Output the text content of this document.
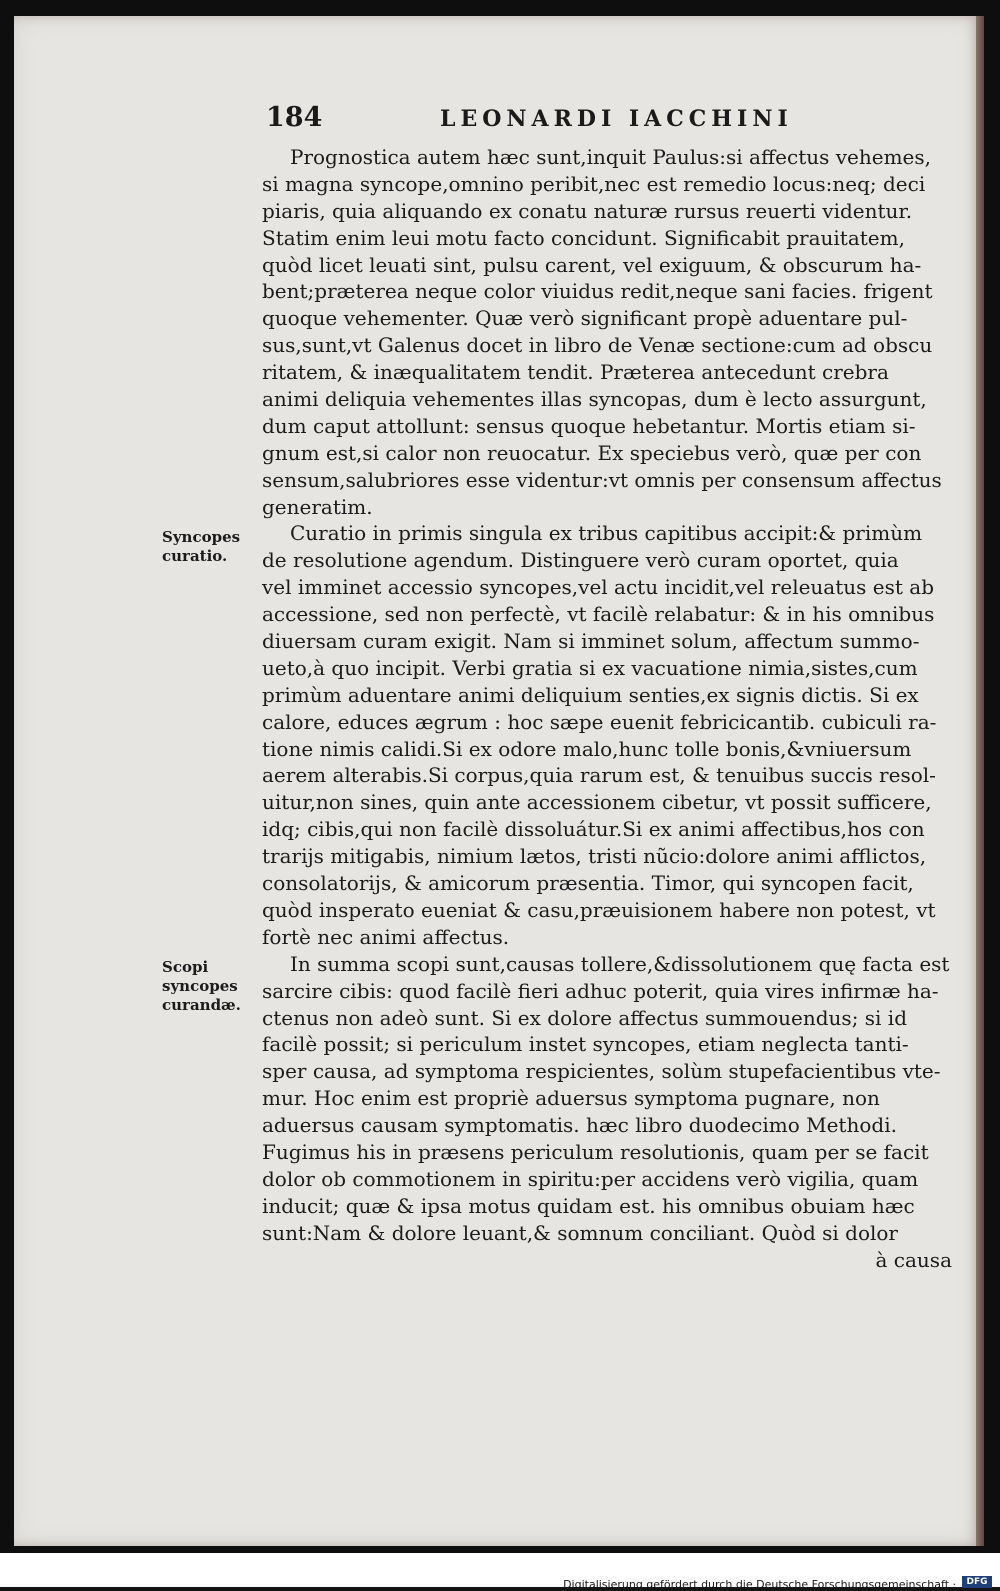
184	LEONARDI IACCHINI
Syncopes curatio.
Scopi syncopes curandæ.
Prognostica autem hæc sunt,inquit Paulus:si affectus vehemes,
si magna syncope,omnino peribit,nec est remedio locus:neq; deci
piaris, quia aliquando ex conatu naturæ rursus reuerti videntur.
Statim enim leui motu facto concidunt. Significabit prauitatem,
quòd licet leuati sint, pulsu carent, vel exiguum, & obscurum ha-
bent;præterea neque color viuidus redit,neque sani facies. frigent
quoque vehementer. Quæ verò significant propè aduentare pul-
sus,sunt,vt Galenus docet in libro de Venæ sectione:cum ad obscu
ritatem, & inæqualitatem tendit. Præterea antecedunt crebra
animi deliquia vehementes illas syncopas, dum è lecto assurgunt,
dum caput attollunt: sensus quoque hebetantur. Mortis etiam si-
gnum est,si calor non reuocatur. Ex speciebus verò, quæ per con
sensum,salubriores esse videntur:vt omnis per consensum affectus
generatim.
Curatio in primis singula ex tribus capitibus accipit:& primùm
de resolutione agendum. Distinguere verò curam oportet, quia
vel imminet accessio syncopes,vel actu incidit,vel releuatus est ab
accessione, sed non perfectè, vt facilè relabatur: & in his omnibus
diuersam curam exigit. Nam si imminet solum, affectum summo-
ueto,à quo incipit. Verbi gratia si ex vacuatione nimia,sistes,cum
primùm aduentare animi deliquium senties,ex signis dictis. Si ex
calore, educes ægrum : hoc sæpe euenit febricicantib. cubiculi ra-
tione nimis calidi.Si ex odore malo,hunc tolle bonis,&vniuersum
aerem alterabis.Si corpus,quia rarum est, & tenuibus succis resol-
uitur,non sines, quin ante accessionem cibetur, vt possit sufficere,
idq; cibis,qui non facilè dissoluátur.Si ex animi affectibus,hos con
trarijs mitigabis, nimium lætos, tristi nũcio:dolore animi afflictos,
consolatorijs, & amicorum præsentia. Timor, qui syncopen facit,
quòd insperato eueniat & casu,præuisionem habere non potest, vt
fortè nec animi affectus.
In summa scopi sunt,causas tollere,&dissolutionem quę facta est
sarcire cibis: quod facilè fieri adhuc poterit, quia vires infirmæ ha-
ctenus non adeò sunt. Si ex dolore affectus summouendus; si id
facilè possit; si periculum instet syncopes, etiam neglecta tanti-
sper causa, ad symptoma respicientes, solùm stupefacientibus vte-
mur. Hoc enim est propriè aduersus symptoma pugnare, non
aduersus causam symptomatis. hæc libro duodecimo Methodi.
Fugimus his in præsens periculum resolutionis, quam per se facit
dolor ob commotionem in spiritu:per accidens verò vigilia, quam
inducit; quæ & ipsa motus quidam est. his omnibus obuiam hæc
sunt:Nam & dolore leuant,& somnum conciliant. Quòd si dolor
à causa
Digitalisierung gefördert durch die Deutsche Forschungsgemeinschaft ·	DFG
